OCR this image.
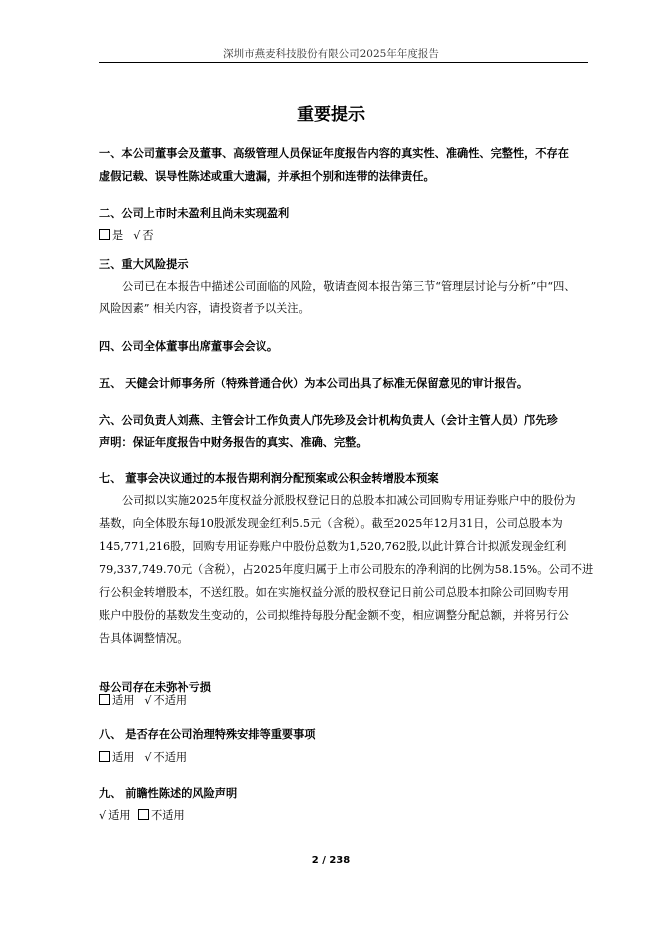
深圳市燕麦科技股份有限公司2025年年度报告
重要提示
一、本公司董事会及董事、高级管理人员保证年度报告内容的真实性、准确性、完整性，不存在
虚假记载、误导性陈述或重大遗漏，并承担个别和连带的法律责任。
二、公司上市时未盈利且尚未实现盈利
是 √ 否
三、重大风险提示
公司已在本报告中描述公司面临的风险，敬请查阅本报告第三节“管理层讨论与分析”中“四、
风险因素” 相关内容，请投资者予以关注。
四、公司全体董事出席董事会会议。
五、 天健会计师事务所（特殊普通合伙）为本公司出具了标准无保留意见的审计报告。
六、公司负责人刘燕、主管会计工作负责人邝先珍及会计机构负责人（会计主管人员）邝先珍
声明：保证年度报告中财务报告的真实、准确、完整。
七、 董事会决议通过的本报告期利润分配预案或公积金转增股本预案
公司拟以实施2025年度权益分派股权登记日的总股本扣减公司回购专用证券账户中的股份为
基数，向全体股东每10股派发现金红利5.5元（含税）。截至2025年12月31日，公司总股本为
145,771,216股，回购专用证券账户中股份总数为1,520,762股,以此计算合计拟派发现金红利
79,337,749.70元（含税），占2025年度归属于上市公司股东的净利润的比例为58.15%。公司不进
行公积金转增股本，不送红股。如在实施权益分派的股权登记日前公司总股本扣除公司回购专用
账户中股份的基数发生变动的，公司拟维持每股分配金额不变，相应调整分配总额，并将另行公
告具体调整情况。
母公司存在未弥补亏损
适用 √ 不适用
八、 是否存在公司治理特殊安排等重要事项
适用 √ 不适用
九、 前瞻性陈述的风险声明
√ 适用 不适用
2 / 238
